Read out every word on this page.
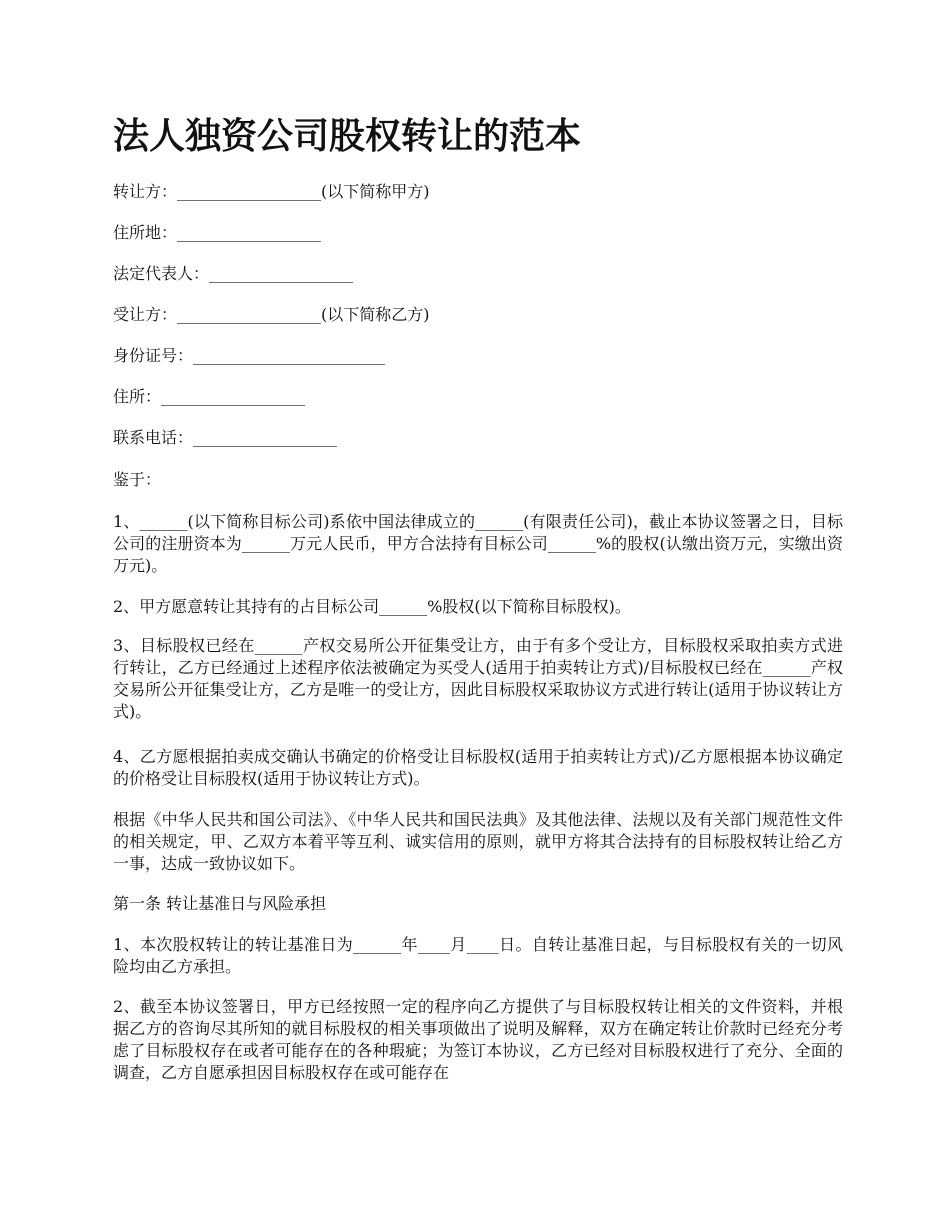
法人独资公司股权转让的范本

转让方：__________________(以下简称甲方)

住所地：__________________

法定代表人：__________________

受让方：__________________(以下简称乙方)

身份证号：________________________

住所：__________________

联系电话：__________________

鉴于：

1、______(以下简称目标公司)系依中国法律成立的______(有限责任公司)，截止本协议签署之日，目标公司的注册资本为______万元人民币，甲方合法持有目标公司______%的股权(认缴出资万元，实缴出资万元)。

2、甲方愿意转让其持有的占目标公司______%股权(以下简称目标股权)。

3、目标股权已经在______产权交易所公开征集受让方，由于有多个受让方，目标股权采取拍卖方式进行转让，乙方已经通过上述程序依法被确定为买受人(适用于拍卖转让方式)/目标股权已经在______产权交易所公开征集受让方，乙方是唯一的受让方，因此目标股权采取协议方式进行转让(适用于协议转让方式)。

4、乙方愿根据拍卖成交确认书确定的价格受让目标股权(适用于拍卖转让方式)/乙方愿根据本协议确定的价格受让目标股权(适用于协议转让方式)。

根据《中华人民共和国公司法》、《中华人民共和国民法典》及其他法律、法规以及有关部门规范性文件的相关规定，甲、乙双方本着平等互利、诚实信用的原则，就甲方将其合法持有的目标股权转让给乙方一事，达成一致协议如下。

第一条 转让基准日与风险承担

1、本次股权转让的转让基准日为______年____月____日。自转让基准日起，与目标股权有关的一切风险均由乙方承担。

2、截至本协议签署日，甲方已经按照一定的程序向乙方提供了与目标股权转让相关的文件资料，并根据乙方的咨询尽其所知的就目标股权的相关事项做出了说明及解释，双方在确定转让价款时已经充分考虑了目标股权存在或者可能存在的各种瑕疵；为签订本协议，乙方已经对目标股权进行了充分、全面的调查，乙方自愿承担因目标股权存在或可能存在
